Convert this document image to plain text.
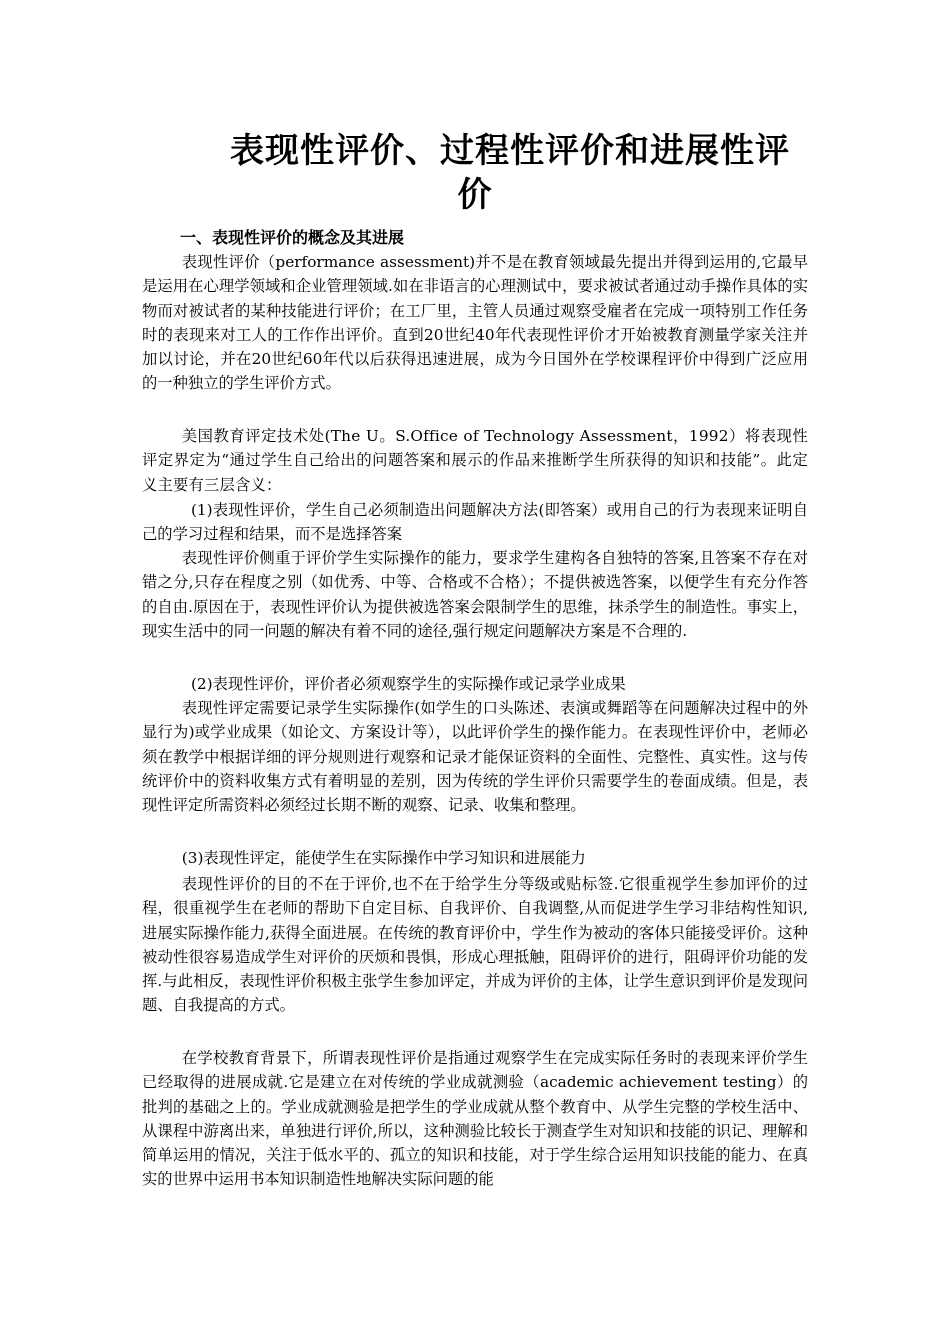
表现性评价、过程性评价和进展性评
价
一、表现性评价的概念及其进展

表现性评价（performance assessment)并不是在教育领域最先提出并得到运用的,它最早是运用在心理学领域和企业管理领域.如在非语言的心理测试中，要求被试者通过动手操作具体的实物而对被试者的某种技能进行评价；在工厂里，主管人员通过观察受雇者在完成一项特别工作任务时的表现来对工人的工作作出评价。直到20世纪40年代表现性评价才开始被教育测量学家关注并加以讨论，并在20世纪60年代以后获得迅速进展，成为今日国外在学校课程评价中得到广泛应用的一种独立的学生评价方式。

美国教育评定技术处(The U。S.Office of Technology Assessment，1992）将表现性评定界定为“通过学生自己给出的问题答案和展示的作品来推断学生所获得的知识和技能”。此定义主要有三层含义：

(1)表现性评价，学生自己必须制造出问题解决方法(即答案）或用自己的行为表现来证明自己的学习过程和结果，而不是选择答案

表现性评价侧重于评价学生实际操作的能力，要求学生建构各自独特的答案,且答案不存在对错之分,只存在程度之别（如优秀、中等、合格或不合格）；不提供被选答案，以便学生有充分作答的自由.原因在于，表现性评价认为提供被选答案会限制学生的思维，抹杀学生的制造性。事实上，现实生活中的同一问题的解决有着不同的途径,强行规定问题解决方案是不合理的.

(2)表现性评价，评价者必须观察学生的实际操作或记录学业成果

表现性评定需要记录学生实际操作(如学生的口头陈述、表演或舞蹈等在问题解决过程中的外显行为)或学业成果（如论文、方案设计等），以此评价学生的操作能力。在表现性评价中，老师必须在教学中根据详细的评分规则进行观察和记录才能保证资料的全面性、完整性、真实性。这与传统评价中的资料收集方式有着明显的差别，因为传统的学生评价只需要学生的卷面成绩。但是，表现性评定所需资料必须经过长期不断的观察、记录、收集和整理。

(3)表现性评定，能使学生在实际操作中学习知识和进展能力

表现性评价的目的不在于评价,也不在于给学生分等级或贴标签.它很重视学生参加评价的过程，很重视学生在老师的帮助下自定目标、自我评价、自我调整,从而促进学生学习非结构性知识,进展实际操作能力,获得全面进展。在传统的教育评价中，学生作为被动的客体只能接受评价。这种被动性很容易造成学生对评价的厌烦和畏惧，形成心理抵触，阻碍评价的进行，阻碍评价功能的发挥.与此相反，表现性评价积极主张学生参加评定，并成为评价的主体，让学生意识到评价是发现问题、自我提高的方式。

在学校教育背景下，所谓表现性评价是指通过观察学生在完成实际任务时的表现来评价学生已经取得的进展成就.它是建立在对传统的学业成就测验（academic achievement testing）的批判的基础之上的。学业成就测验是把学生的学业成就从整个教育中、从学生完整的学校生活中、从课程中游离出来，单独进行评价,所以，这种测验比较长于测查学生对知识和技能的识记、理解和简单运用的情况，关注于低水平的、孤立的知识和技能，对于学生综合运用知识技能的能力、在真实的世界中运用书本知识制造性地解决实际问题的能
